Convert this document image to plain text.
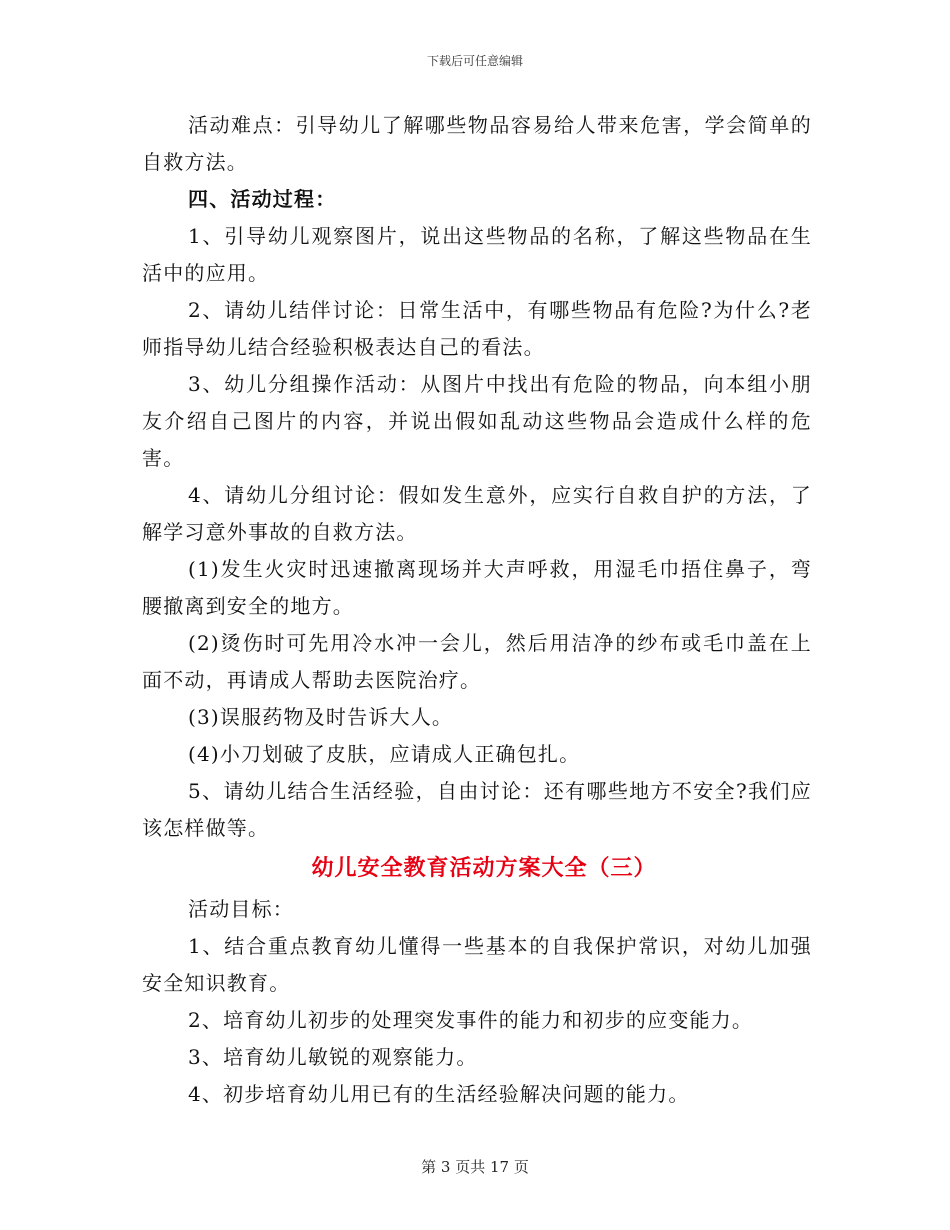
下载后可任意编辑

活动难点：引导幼儿了解哪些物品容易给人带来危害，学会简单的自救方法。

四、活动过程：

1、引导幼儿观察图片，说出这些物品的名称，了解这些物品在生活中的应用。

2、请幼儿结伴讨论：日常生活中，有哪些物品有危险?为什么?老师指导幼儿结合经验积极表达自己的看法。

3、幼儿分组操作活动：从图片中找出有危险的物品，向本组小朋友介绍自己图片的内容，并说出假如乱动这些物品会造成什么样的危害。

4、请幼儿分组讨论：假如发生意外，应实行自救自护的方法，了解学习意外事故的自救方法。

(1)发生火灾时迅速撤离现场并大声呼救，用湿毛巾捂住鼻子，弯腰撤离到安全的地方。

(2)烫伤时可先用冷水冲一会儿，然后用洁净的纱布或毛巾盖在上面不动，再请成人帮助去医院治疗。

(3)误服药物及时告诉大人。

(4)小刀划破了皮肤，应请成人正确包扎。

5、请幼儿结合生活经验，自由讨论：还有哪些地方不安全?我们应该怎样做等。

幼儿安全教育活动方案大全（三）

活动目标：

1、结合重点教育幼儿懂得一些基本的自我保护常识，对幼儿加强安全知识教育。

2、培育幼儿初步的处理突发事件的能力和初步的应变能力。

3、培育幼儿敏锐的观察能力。

4、初步培育幼儿用已有的生活经验解决问题的能力。

第 3 页共 17 页
